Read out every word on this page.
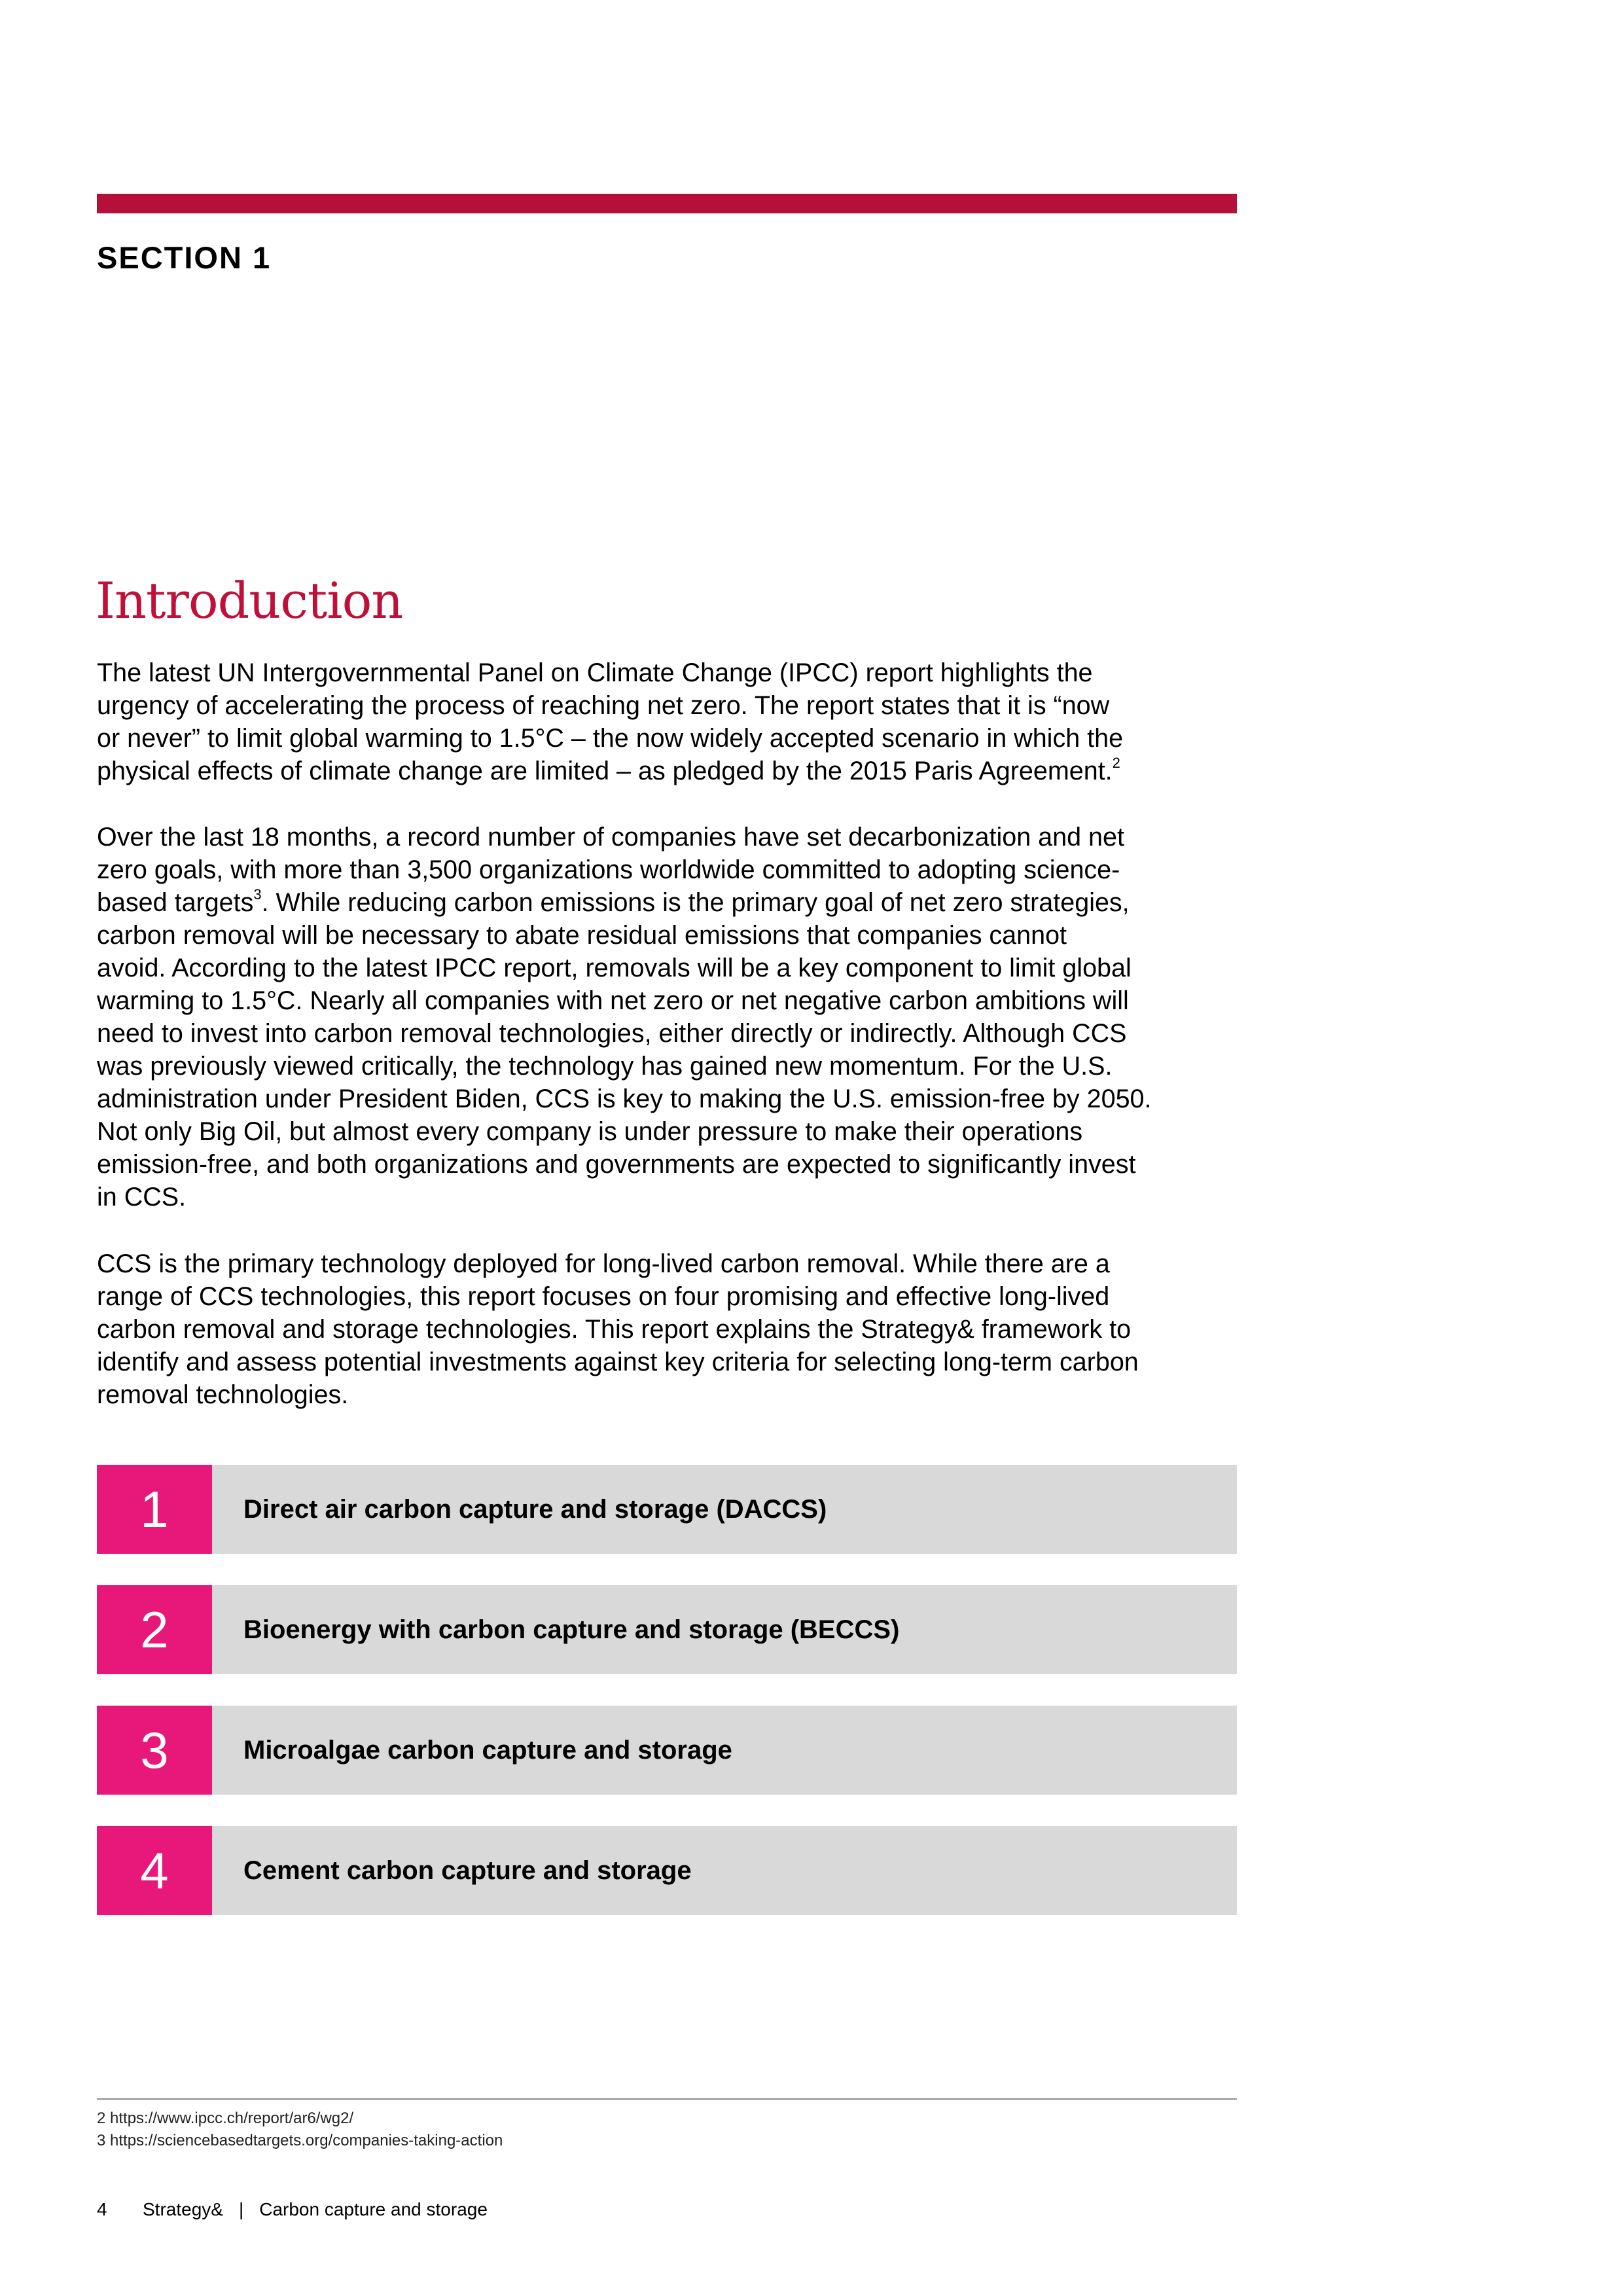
SECTION 1
Introduction
The latest UN Intergovernmental Panel on Climate Change (IPCC) report highlights the
urgency of accelerating the process of reaching net zero. The report states that it is “now
or never” to limit global warming to 1.5°C – the now widely accepted scenario in which the
physical effects of climate change are limited – as pledged by the 2015 Paris Agreement.$^2$
Over the last 18 months, a record number of companies have set decarbonization and net
zero goals, with more than 3,500 organizations worldwide committed to adopting science-
based targets$^3$. While reducing carbon emissions is the primary goal of net zero strategies,
carbon removal will be necessary to abate residual emissions that companies cannot
avoid. According to the latest IPCC report, removals will be a key component to limit global
warming to 1.5°C. Nearly all companies with net zero or net negative carbon ambitions will
need to invest into carbon removal technologies, either directly or indirectly. Although CCS
was previously viewed critically, the technology has gained new momentum. For the U.S.
administration under President Biden, CCS is key to making the U.S. emission-free by 2050.
Not only Big Oil, but almost every company is under pressure to make their operations
emission-free, and both organizations and governments are expected to significantly invest
in CCS.
CCS is the primary technology deployed for long-lived carbon removal. While there are a
range of CCS technologies, this report focuses on four promising and effective long-lived
carbon removal and storage technologies. This report explains the Strategy& framework to
identify and assess potential investments against key criteria for selecting long-term carbon
removal technologies.
1	Direct air carbon capture and storage (DACCS)
2	Bioenergy with carbon capture and storage (BECCS)
3	Microalgae carbon capture and storage
4	Cement carbon capture and storage
2 https://www.ipcc.ch/report/ar6/wg2/
3 https://sciencebasedtargets.org/companies-taking-action
4 Strategy& | Carbon capture and storage
